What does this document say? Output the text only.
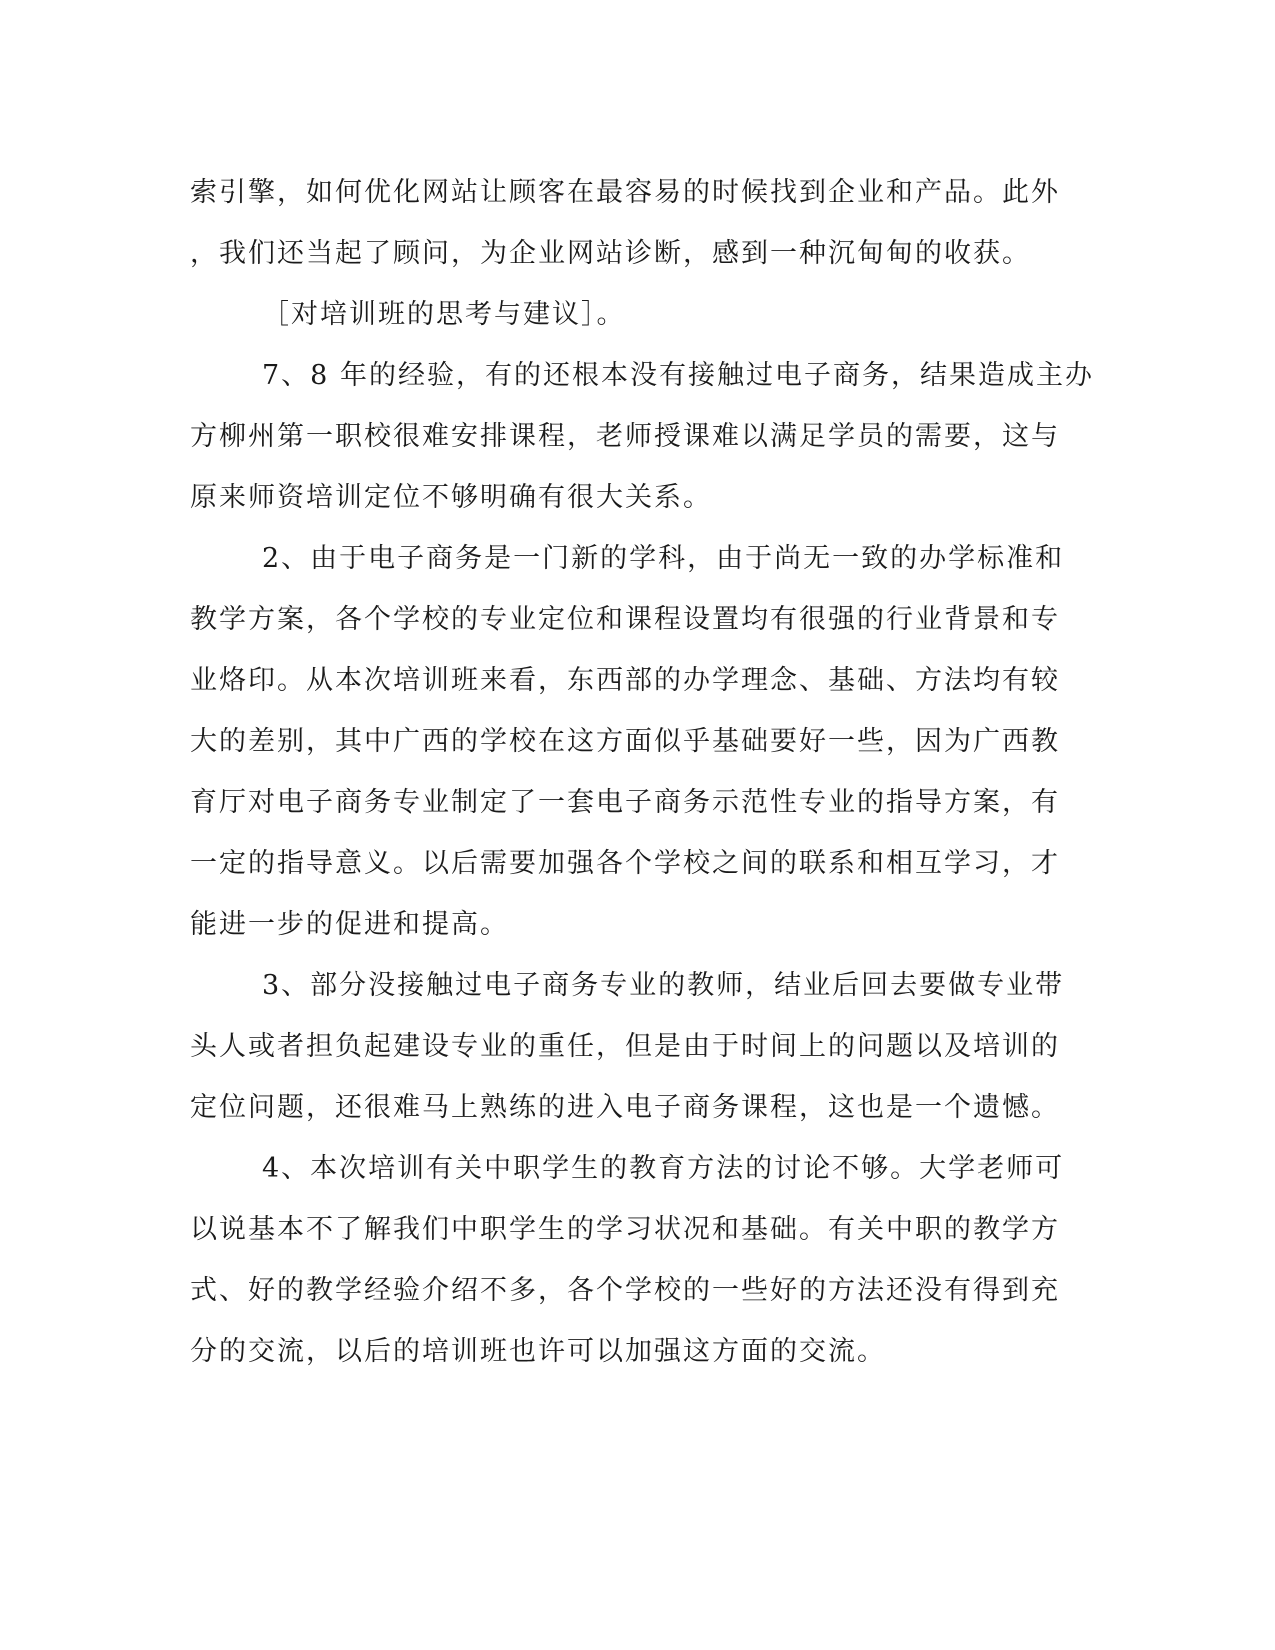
索引擎，如何优化网站让顾客在最容易的时候找到企业和产品。此外
，我们还当起了顾问，为企业网站诊断，感到一种沉甸甸的收获。
［对培训班的思考与建议］。
7、8 年的经验，有的还根本没有接触过电子商务，结果造成主办
方柳州第一职校很难安排课程，老师授课难以满足学员的需要，这与
原来师资培训定位不够明确有很大关系。
2、由于电子商务是一门新的学科，由于尚无一致的办学标准和
教学方案，各个学校的专业定位和课程设置均有很强的行业背景和专
业烙印。从本次培训班来看，东西部的办学理念、基础、方法均有较
大的差别，其中广西的学校在这方面似乎基础要好一些，因为广西教
育厅对电子商务专业制定了一套电子商务示范性专业的指导方案，有
一定的指导意义。以后需要加强各个学校之间的联系和相互学习，才
能进一步的促进和提高。
3、部分没接触过电子商务专业的教师，结业后回去要做专业带
头人或者担负起建设专业的重任，但是由于时间上的问题以及培训的
定位问题，还很难马上熟练的进入电子商务课程，这也是一个遗憾。
4、本次培训有关中职学生的教育方法的讨论不够。大学老师可
以说基本不了解我们中职学生的学习状况和基础。有关中职的教学方
式、好的教学经验介绍不多，各个学校的一些好的方法还没有得到充
分的交流，以后的培训班也许可以加强这方面的交流。
